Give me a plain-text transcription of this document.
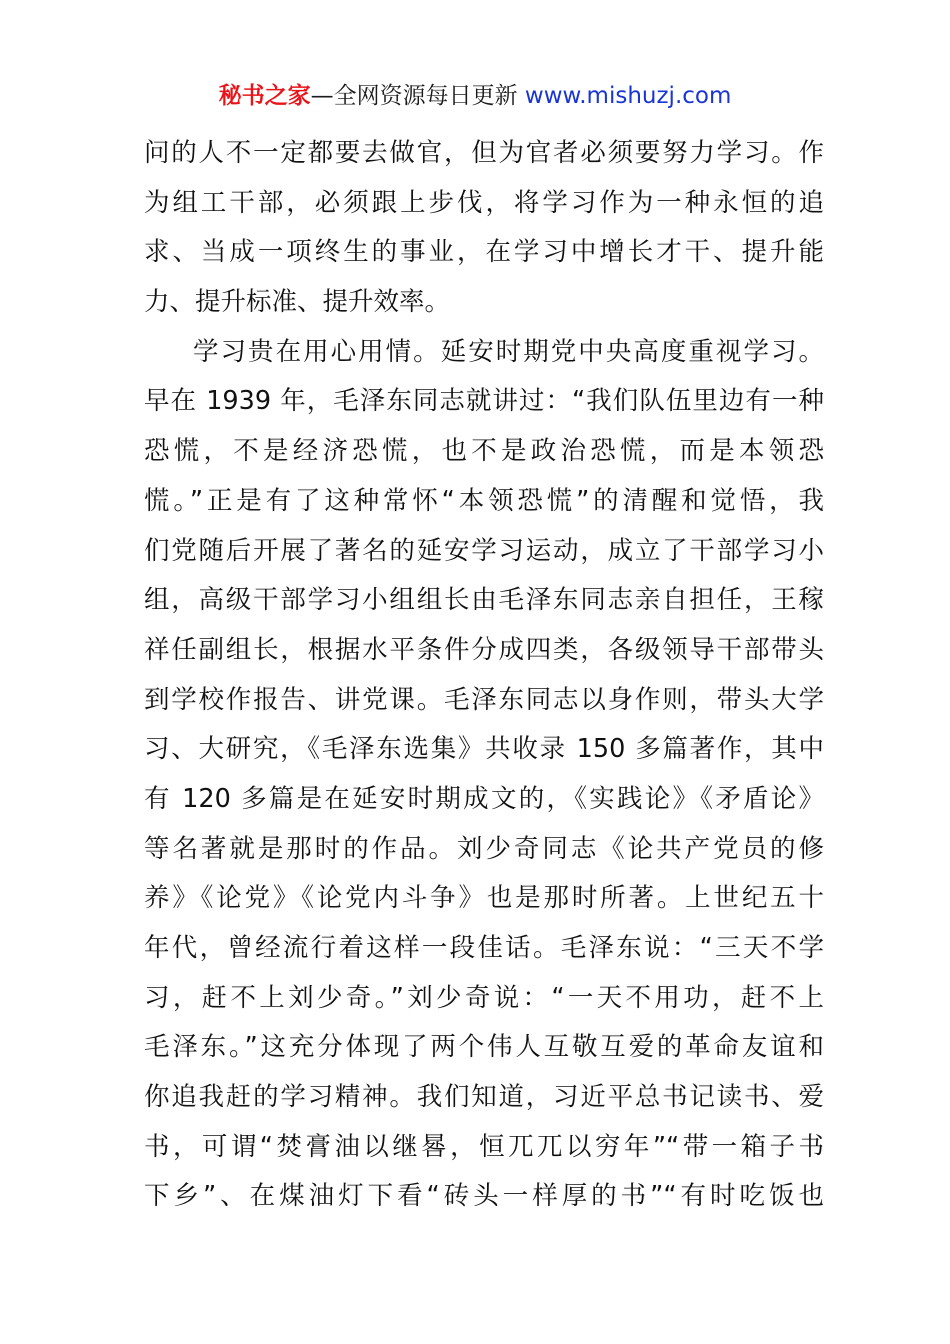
秘书之家—全网资源每日更新 www.mishuzj.com
问的人不一定都要去做官，但为官者必须要努力学习。作
为组工干部，必须跟上步伐，将学习作为一种永恒的追
求、当成一项终生的事业，在学习中增长才干、提升能
力、提升标准、提升效率。
学习贵在用心用情。延安时期党中央高度重视学习。
早在 1939 年，毛泽东同志就讲过：“我们队伍里边有一种
恐慌，不是经济恐慌，也不是政治恐慌，而是本领恐
慌。”正是有了这种常怀“本领恐慌”的清醒和觉悟，我
们党随后开展了著名的延安学习运动，成立了干部学习小
组，高级干部学习小组组长由毛泽东同志亲自担任，王稼
祥任副组长，根据水平条件分成四类，各级领导干部带头
到学校作报告、讲党课。毛泽东同志以身作则，带头大学
习、大研究，《毛泽东选集》共收录 150 多篇著作，其中
有 120 多篇是在延安时期成文的，《实践论》《矛盾论》
等名著就是那时的作品。刘少奇同志《论共产党员的修
养》《论党》《论党内斗争》也是那时所著。上世纪五十
年代，曾经流行着这样一段佳话。毛泽东说：“三天不学
习，赶不上刘少奇。”刘少奇说：“一天不用功，赶不上
毛泽东。”这充分体现了两个伟人互敬互爱的革命友谊和
你追我赶的学习精神。我们知道，习近平总书记读书、爱
书，可谓“焚膏油以继晷，恒兀兀以穷年”“带一箱子书
下乡”、在煤油灯下看“砖头一样厚的书”“有时吃饭也
